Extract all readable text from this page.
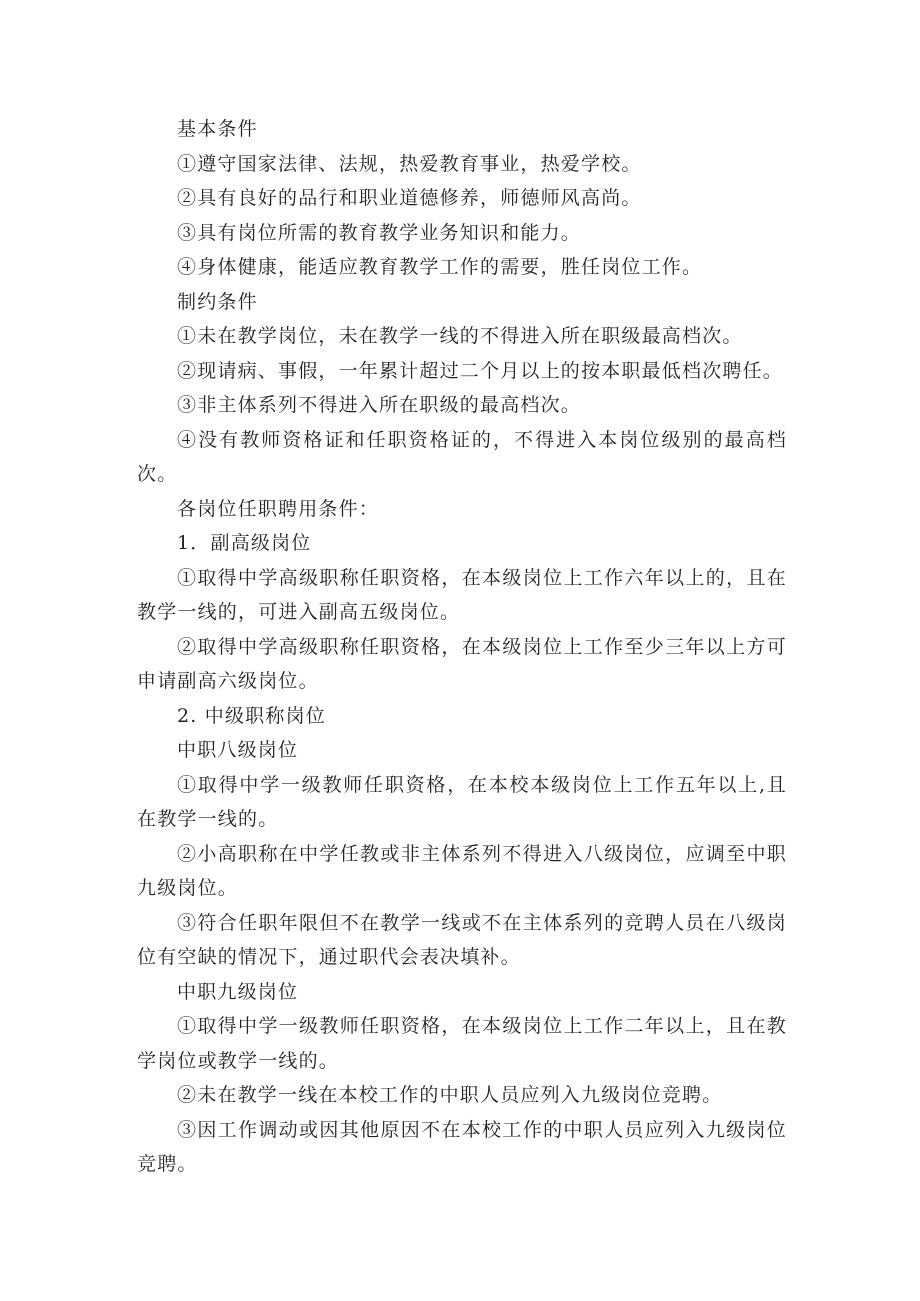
基本条件

①遵守国家法律、法规，热爱教育事业，热爱学校。

②具有良好的品行和职业道德修养，师德师风高尚。

③具有岗位所需的教育教学业务知识和能力。

④身体健康，能适应教育教学工作的需要，胜任岗位工作。

制约条件

①未在教学岗位，未在教学一线的不得进入所在职级最高档次。

②现请病、事假，一年累计超过二个月以上的按本职最低档次聘任。

③非主体系列不得进入所在职级的最高档次。

④没有教师资格证和任职资格证的，不得进入本岗位级别的最高档次。

各岗位任职聘用条件：

1．副高级岗位

①取得中学高级职称任职资格，在本级岗位上工作六年以上的，且在教学一线的，可进入副高五级岗位。

②取得中学高级职称任职资格，在本级岗位上工作至少三年以上方可申请副高六级岗位。

2. 中级职称岗位

中职八级岗位

①取得中学一级教师任职资格，在本校本级岗位上工作五年以上,且在教学一线的。

②小高职称在中学任教或非主体系列不得进入八级岗位，应调至中职九级岗位。

③符合任职年限但不在教学一线或不在主体系列的竞聘人员在八级岗位有空缺的情况下，通过职代会表决填补。

中职九级岗位

①取得中学一级教师任职资格，在本级岗位上工作二年以上，且在教学岗位或教学一线的。

②未在教学一线在本校工作的中职人员应列入九级岗位竞聘。

③因工作调动或因其他原因不在本校工作的中职人员应列入九级岗位竞聘。
